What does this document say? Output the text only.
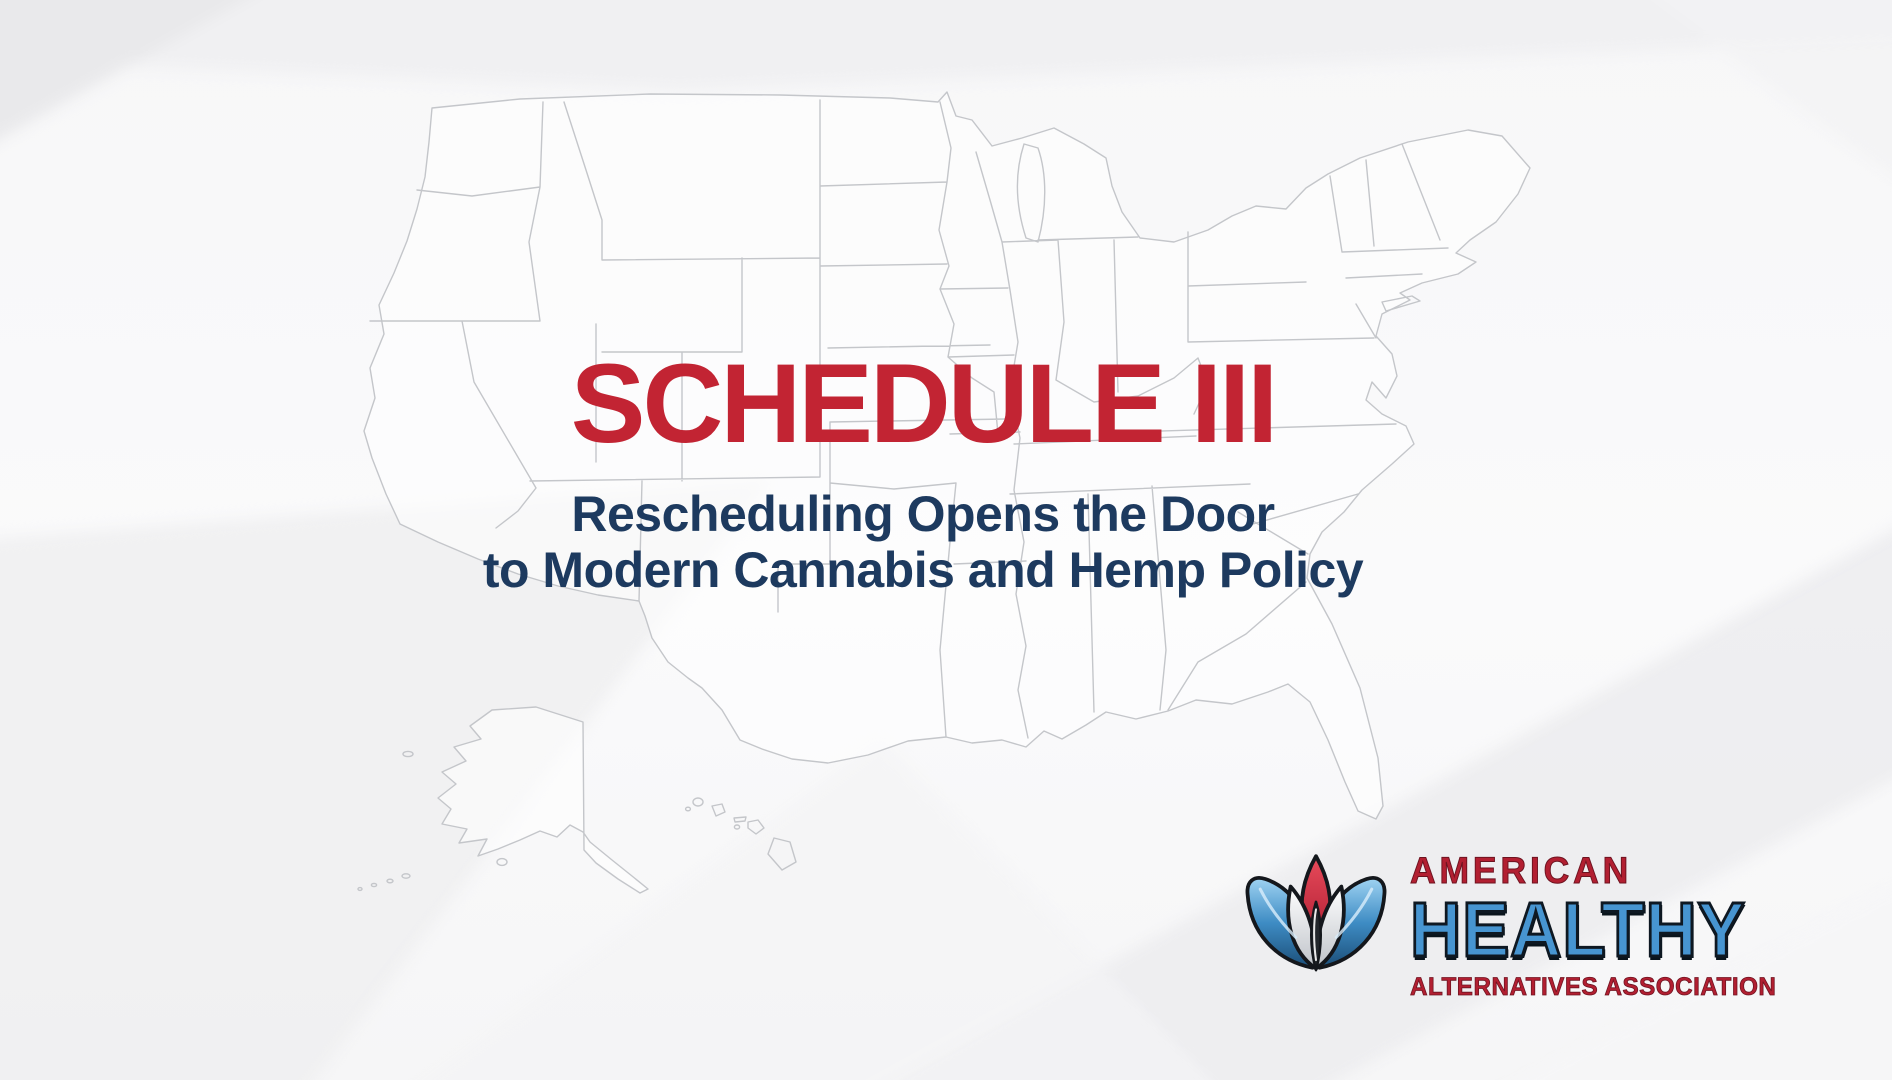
SCHEDULE III
Rescheduling Opens the Door
to Modern Cannabis and Hemp Policy
AMERICAN
HEALTHY
ALTERNATIVES ASSOCIATION
